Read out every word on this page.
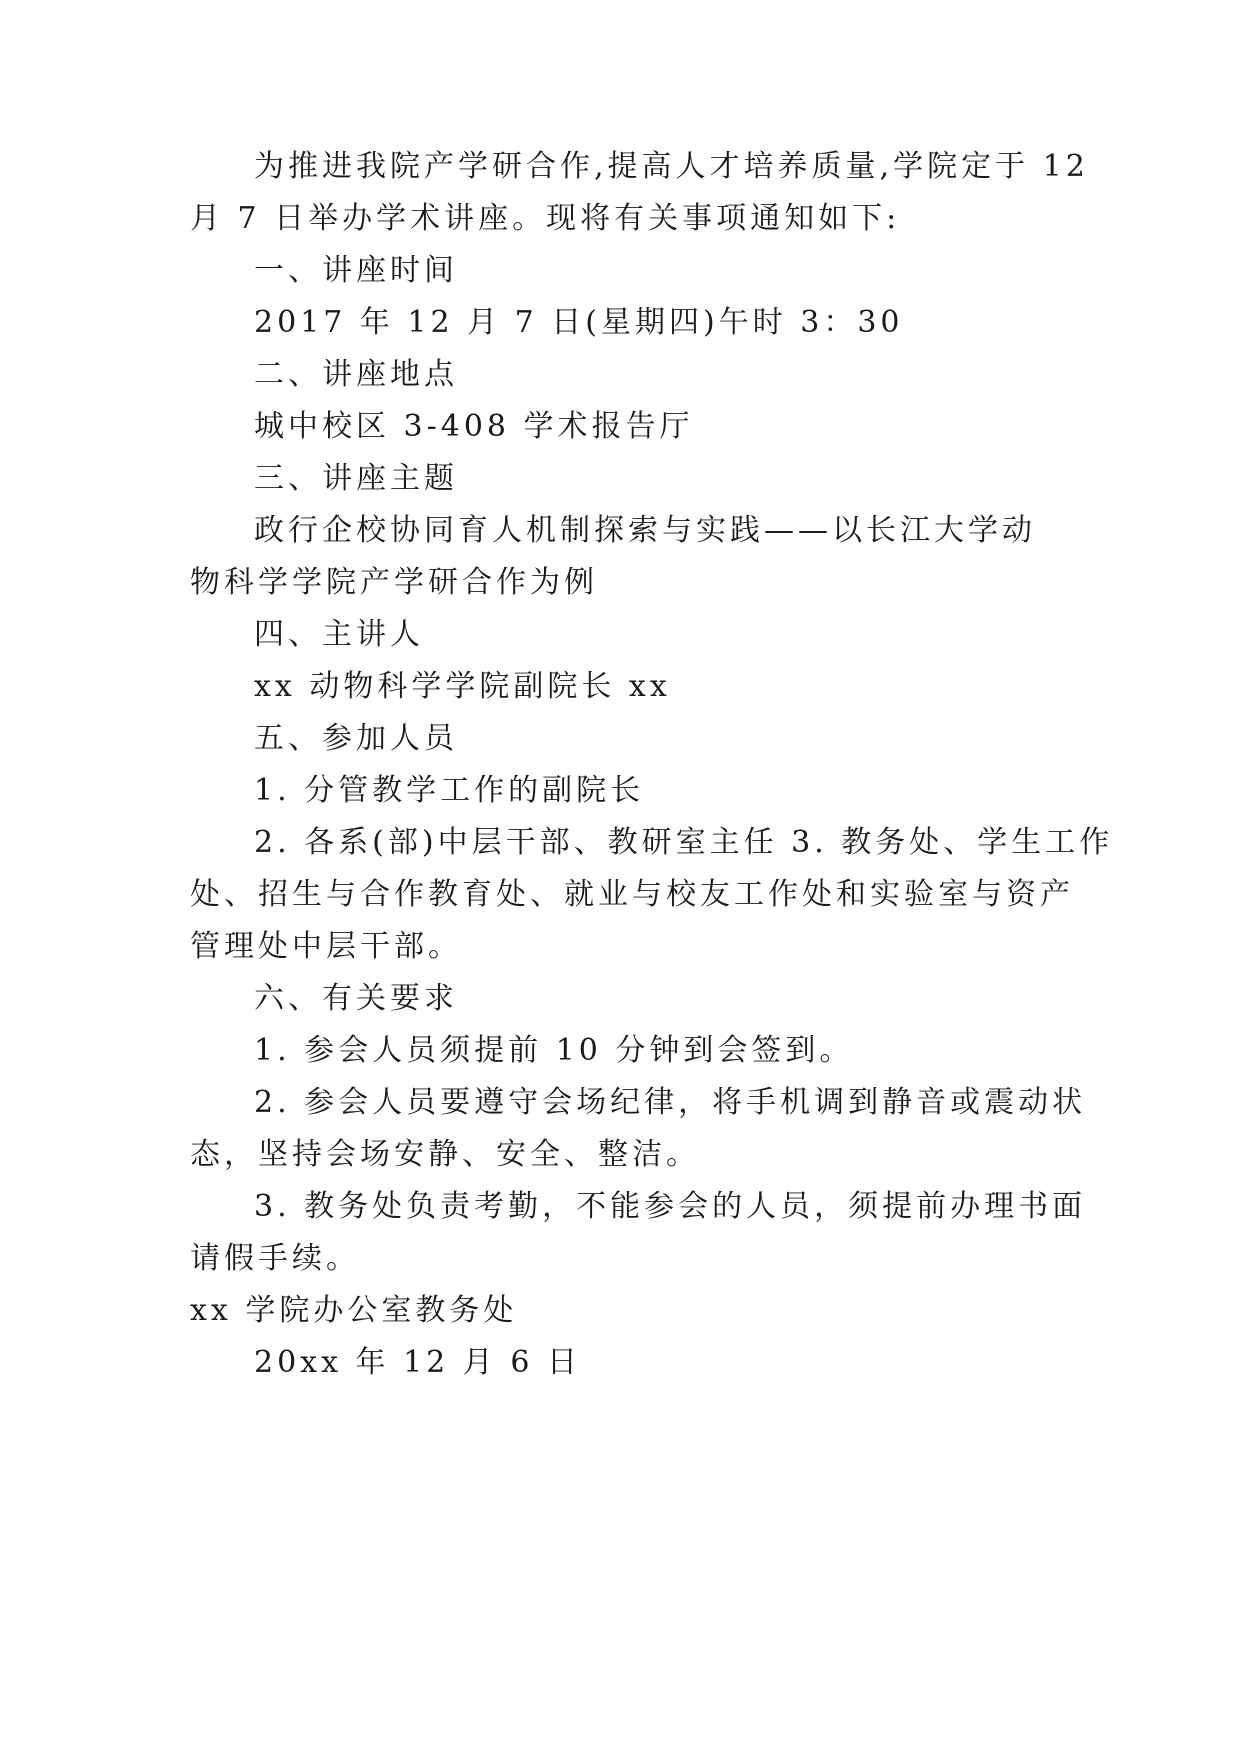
为推进我院产学研合作,提高人才培养质量,学院定于 12
月 7 日举办学术讲座。现将有关事项通知如下:
一、讲座时间
2017 年 12 月 7 日(星期四)午时 3：30
二、讲座地点
城中校区 3-408 学术报告厅
三、讲座主题
政行企校协同育人机制探索与实践——以长江大学动
物科学学院产学研合作为例
四、主讲人
xx 动物科学学院副院长 xx
五、参加人员
1. 分管教学工作的副院长
2. 各系(部)中层干部、教研室主任 3. 教务处、学生工作
处、招生与合作教育处、就业与校友工作处和实验室与资产
管理处中层干部。
六、有关要求
1. 参会人员须提前 10 分钟到会签到。
2. 参会人员要遵守会场纪律，将手机调到静音或震动状
态，坚持会场安静、安全、整洁。
3. 教务处负责考勤，不能参会的人员，须提前办理书面
请假手续。
xx 学院办公室教务处
20xx 年 12 月 6 日
